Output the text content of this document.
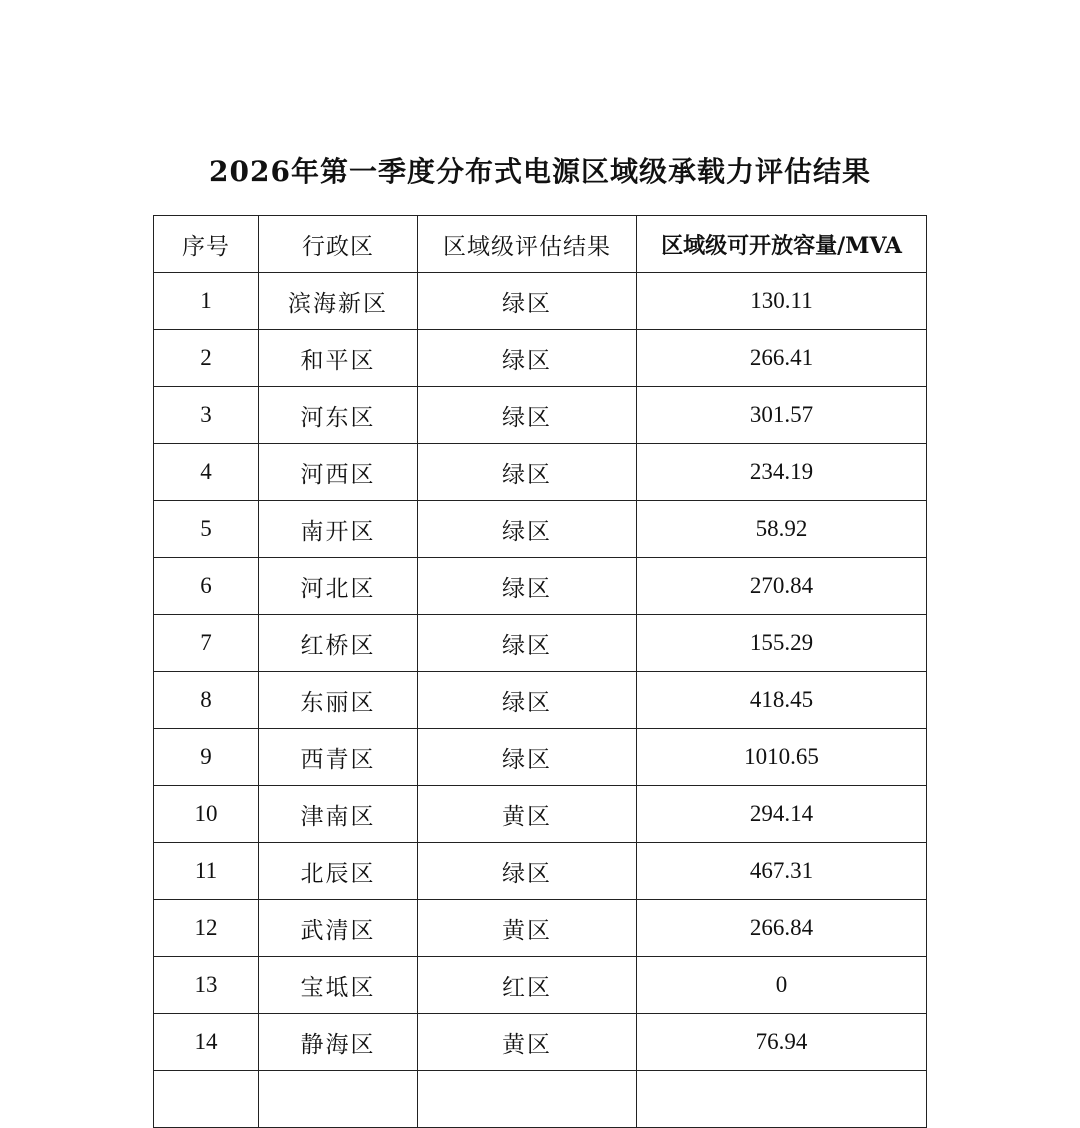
2026年第一季度分布式电源区域级承载力评估结果
序号	行政区	区域级评估结果	区域级可开放容量/MVA
1	滨海新区	绿区	130.11
2	和平区	绿区	266.41
3	河东区	绿区	301.57
4	河西区	绿区	234.19
5	南开区	绿区	58.92
6	河北区	绿区	270.84
7	红桥区	绿区	155.29
8	东丽区	绿区	418.45
9	西青区	绿区	1010.65
10	津南区	黄区	294.14
11	北辰区	绿区	467.31
12	武清区	黄区	266.84
13	宝坻区	红区	0
14	静海区	黄区	76.94
